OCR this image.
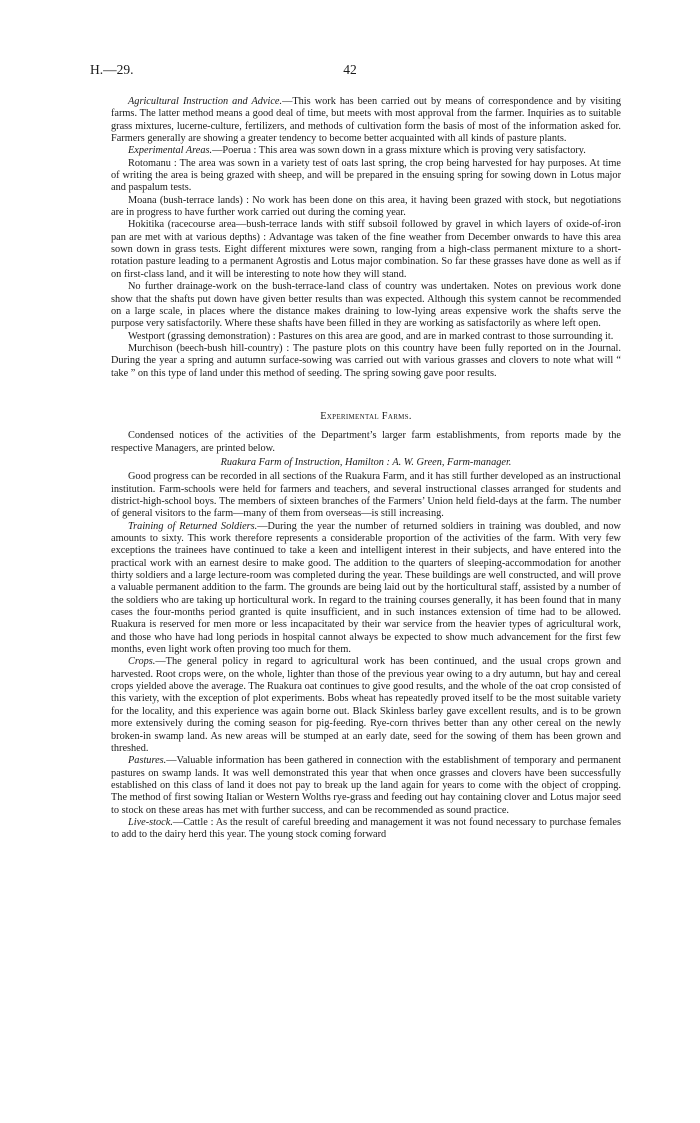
H.—29.	42

Agricultural Instruction and Advice.—This work has been carried out by means of correspondence and by visiting farms. The latter method means a good deal of time, but meets with most approval from the farmer. Inquiries as to suitable grass mixtures, lucerne-culture, fertilizers, and methods of cultivation form the basis of most of the information asked for. Farmers generally are showing a greater tendency to become better acquainted with all kinds of pasture plants.

Experimental Areas.—Poerua : This area was sown down in a grass mixture which is proving very satisfactory.

Rotomanu : The area was sown in a variety test of oats last spring, the crop being harvested for hay purposes. At time of writing the area is being grazed with sheep, and will be prepared in the ensuing spring for sowing down in Lotus major and paspalum tests.

Moana (bush-terrace lands) : No work has been done on this area, it having been grazed with stock, but negotiations are in progress to have further work carried out during the coming year.

Hokitika (racecourse area—bush-terrace lands with stiff subsoil followed by gravel in which layers of oxide-of-iron pan are met with at various depths) : Advantage was taken of the fine weather from December onwards to have this area sown down in grass tests. Eight different mixtures were sown, ranging from a high-class permanent mixture to a short-rotation pasture leading to a permanent Agrostis and Lotus major combination. So far these grasses have done as well as if on first-class land, and it will be interesting to note how they will stand.

No further drainage-work on the bush-terrace-land class of country was undertaken. Notes on previous work done show that the shafts put down have given better results than was expected. Although this system cannot be recommended on a large scale, in places where the distance makes draining to low-lying areas expensive work the shafts serve the purpose very satisfactorily. Where these shafts have been filled in they are working as satisfactorily as where left open.

Westport (grassing demonstration) : Pastures on this area are good, and are in marked contrast to those surrounding it.

Murchison (beech-bush hill-country) : The pasture plots on this country have been fully reported on in the Journal. During the year a spring and autumn surface-sowing was carried out with various grasses and clovers to note what will “ take ” on this type of land under this method of seeding. The spring sowing gave poor results.

Experimental Farms.

Condensed notices of the activities of the Department’s larger farm establishments, from reports made by the respective Managers, are printed below.

Ruakura Farm of Instruction, Hamilton : A. W. Green, Farm-manager.

Good progress can be recorded in all sections of the Ruakura Farm, and it has still further developed as an instructional institution. Farm-schools were held for farmers and teachers, and several instructional classes arranged for students and district-high-school boys. The members of sixteen branches of the Farmers’ Union held field-days at the farm. The number of general visitors to the farm—many of them from overseas—is still increasing.

Training of Returned Soldiers.—During the year the number of returned soldiers in training was doubled, and now amounts to sixty. This work therefore represents a considerable proportion of the activities of the farm. With very few exceptions the trainees have continued to take a keen and intelligent interest in their subjects, and have entered into the practical work with an earnest desire to make good. The addition to the quarters of sleeping-accommodation for another thirty soldiers and a large lecture-room was completed during the year. These buildings are well constructed, and will prove a valuable permanent addition to the farm. The grounds are being laid out by the horticultural staff, assisted by a number of the soldiers who are taking up horticultural work. In regard to the training courses generally, it has been found that in many cases the four-months period granted is quite insufficient, and in such instances extension of time had to be allowed. Ruakura is reserved for men more or less incapacitated by their war service from the heavier types of agricultural work, and those who have had long periods in hospital cannot always be expected to show much advancement for the first few months, even light work often proving too much for them.

Crops.—The general policy in regard to agricultural work has been continued, and the usual crops grown and harvested. Root crops were, on the whole, lighter than those of the previous year owing to a dry autumn, but hay and cereal crops yielded above the average. The Ruakura oat continues to give good results, and the whole of the oat crop consisted of this variety, with the exception of plot experiments. Bobs wheat has repeatedly proved itself to be the most suitable variety for the locality, and this experience was again borne out. Black Skinless barley gave excellent results, and is to be grown more extensively during the coming season for pig-feeding. Rye-corn thrives better than any other cereal on the newly broken-in swamp land. As new areas will be stumped at an early date, seed for the sowing of them has been grown and threshed.

Pastures.—Valuable information has been gathered in connection with the establishment of temporary and permanent pastures on swamp lands. It was well demonstrated this year that when once grasses and clovers have been successfully established on this class of land it does not pay to break up the land again for years to come with the object of cropping. The method of first sowing Italian or Western Wolths rye-grass and feeding out hay containing clover and Lotus major seed to stock on these areas has met with further success, and can be recommended as sound practice.

Live-stock.—Cattle : As the result of careful breeding and management it was not found necessary to purchase females to add to the dairy herd this year. The young stock coming forward
